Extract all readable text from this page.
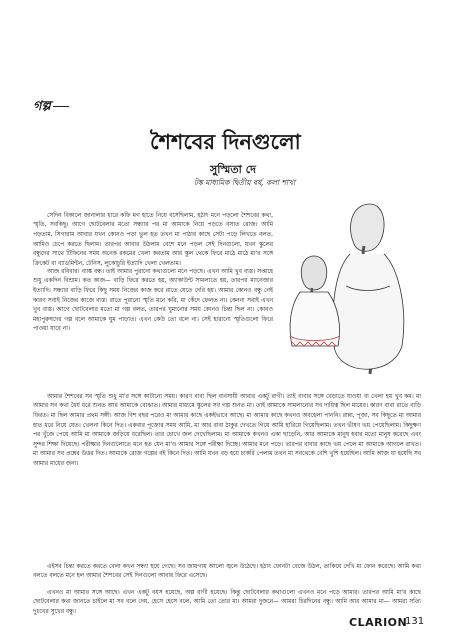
গল্প
শৈশবের দিনগুলো
সুস্মিতা দে
টঙ্ক মাধ্যমিক দ্বিতীয় বর্ষ, কলা শাখা

সেদিন বিকালে জানালার ধারে কফি মগ হাতে নিয়ে বসেছিলাম, হঠাৎ মনে পড়লো শৈশবের কথা, স্মৃতি, সবকিছু। আগে ছোটবেলার মতো সন্ধ্যার পর মা আমাকে নিয়ে পড়তে বসাত রোজ। আমি পড়তাম, সিগারাম আবার যখন কোনও পড়া ভুল হত তখন মা পাঠার কাছে সেটা পড়ে লিখতে বলত, আমিও চেপে করতে ছিলাম। তারপর আবার উঠলাম বেশে মনে পড়ল সেই দিনগুলো, যখন স্কুলের বন্ধুদের সাথে টিফিনের সময় অনেক রকমের খেলা করতাম আর স্কুল থেকে ফিরে মাঠে মাঠে মা'র সঙ্গে ক্রিকেট বা ব্যাডমিন্টন, টেনিস, লুকোচুরি ইত্যাদি খেলা খেলতাম।

আজ রবিবার। ব্যাঙ্ক বন্ধ। তাই আমার পুরানো কথাগুলো মনে পড়ছে। এখন আমি খুব ব্যস্ত। সপ্তাহে শুধু একদিন বিশ্রাম। কত কাজ— বাড়ি ফিরে করতে হয়, অ্যাকাউন্ট সামলাতে হয়, তারপর ম্যানেজার ইত্যাদি। সন্ধ্যার বাড়ি ফিরে কিছু সময় নিজের কাজ করে রাতে যেতে দেরি হয়। আমার কোনও বন্ধু নেই কারণ সবাই নিজের কাজে ব্যস্ত। রাতে পুরানো স্মৃতি মনে করি, মা কেঁদে ফেলত না। কেননা সবাই এখন খুব ব্যস্ত। আগে ছোটবেলার মতো মা গল্প বলত, তারপর ঘুমানোর সময় কোনও চিন্তা ছিল না। কোনও মহাপুরুষদের গল্প বলে আমাকে ঘুম পাড়াত। এখন কেউ তো বলে না। সেই হারানো স্মৃতিগুলো ফিরে পাওয়া যাবে না।

আমার শৈশবের সব স্মৃতি শুধু মা'র সঙ্গে কাটানো সময়। কারণ বাবা ছিল ব্যবসায়ী আবার একটু রাগী। তাই বাবার সঙ্গে বেড়াতে যাওয়া বা খেলা হয় খুব কম। মা আমার সব কথা ধৈর্য ধরে শুনত আর আমাকে বোঝাত। আমার মাধ্যমে স্কুলের সব গল্প শুনত মা। তাই আমাকে সামলানোর সব দায়িত্ব ছিল মায়ের। কারণ বাবা রাতে বাড়ি ফিরত। মা ছিল আমার প্রথম সঙ্গী। আজ বিশ বছর পরেও মা আমার কাছে একইভাবে আছে। মা আমার কাছে কখনও অবহেলা পাননি। রান্না, পূজা, সব কিছুতে মা আমার হাত ধরে নিয়ে যেত। খেলনা কিনে দিত। একবার পূজোর সময় আমি, মা আর বাবা ঠাকুর দেখতে গিয়ে আমি হারিয়ে গিয়েছিলাম। তখন ভীষণ ভয় পেয়েছিলাম। কিছুক্ষণ পর খুঁজে পেয়ে আমি মা আমাকে জড়িয়ে ধরেছিল। তার চোখে জল দেখেছিলাম। মা আমাকে কখনও একা ছাড়েনি, আর আমাকে মানুষ হবার মতো মানুষ করেছে এবং সুন্দর শিক্ষা দিয়েছে। পরীক্ষার দিনগুলোতে মনে হত যেন মা'ও আমার সঙ্গে পরীক্ষা দিচ্ছে। আমার মনে পড়ে। তারপর বাবার কাছে ভয় পেলে মা আমাকে আগলে রাখত। মা আমার সব প্রশ্নের উত্তর দিত। আমাকে রোজ গল্পের বই কিনে দিত। আমি যখন বড় হয়ে চাকরি পেলাম তখন মা সবথেকে বেশি খুশি হয়েছিল। আমি আজ যা হয়েছি সব আমার মায়ের জন্য।

এইসব চিন্তা করতে করতে বেলা কখন সন্ধ্যা হয়ে গেছে। সব জায়গায় আলো জ্বলে উঠেছে। হঠাৎ ফোনটা বেজে উঠল, তাকিয়ে দেখি মা ফোন করেছে। আমি কথা বলতে বলতে মনে হল আমার শৈশবের সেই দিনগুলো আবার ফিরে এসেছে।

এখনও মা আমার সঙ্গে আছে। এখন একটু বয়স হয়েছে, অল্প রাগী হয়েছে। কিন্তু ছোটবেলার কথাগুলো এখনও মনে পড়ে আমার। তারপর আমি মা'র কাছে ছোটবেলার কথা জানতে চাইলে মা সব বলে দেয়, হেসে হেসে বলে, আমি তো তোর মা। আমরা দুজনে— আমরা চিরদিনের বন্ধু। আমি আর আমার মা— আমরা সত্যি দুঃখের সুখের বন্ধু।

CLARION
131
